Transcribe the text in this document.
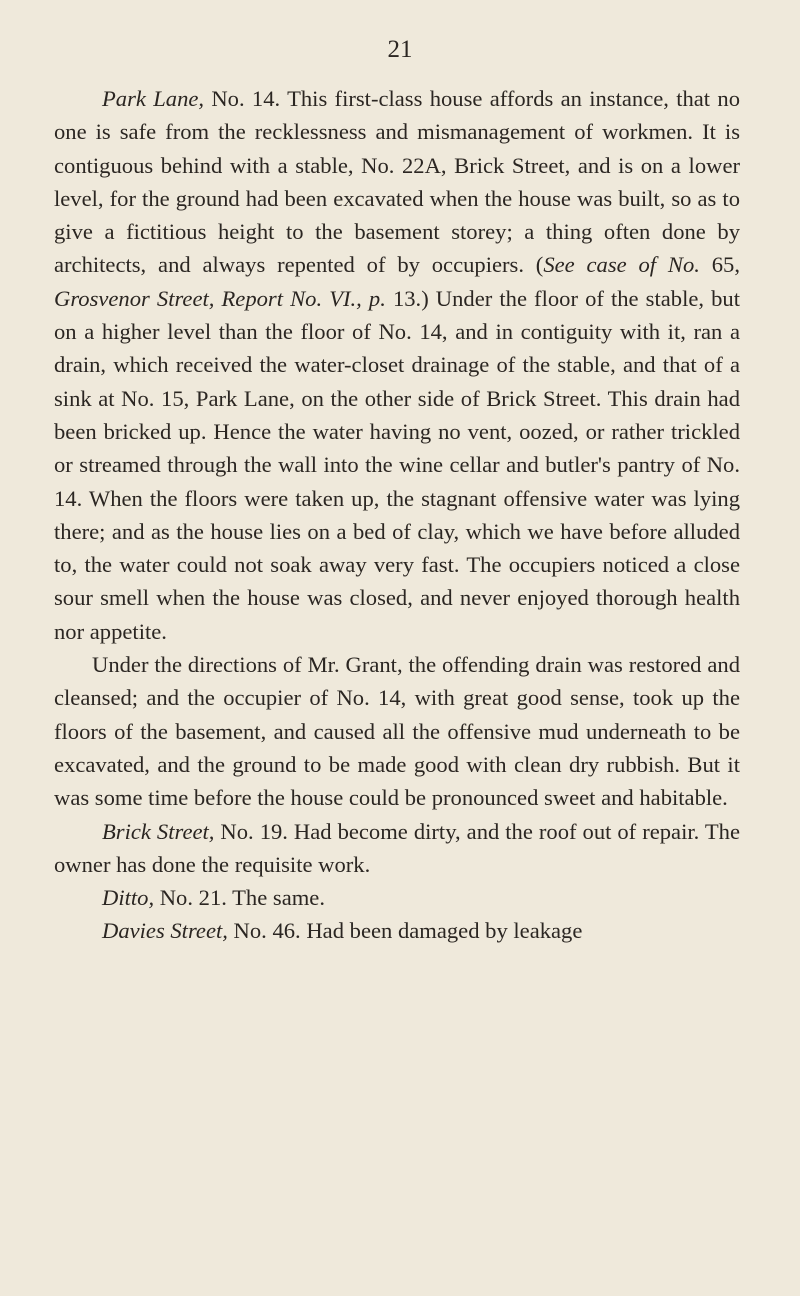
21

Park Lane, No. 14. This first-class house affords an instance, that no one is safe from the recklessness and mismanagement of workmen. It is contiguous behind with a stable, No. 22A, Brick Street, and is on a lower level, for the ground had been excavated when the house was built, so as to give a fictitious height to the basement storey; a thing often done by architects, and always repented of by occupiers. (See case of No. 65, Grosvenor Street, Report No. VI., p. 13.) Under the floor of the stable, but on a higher level than the floor of No. 14, and in contiguity with it, ran a drain, which received the water-closet drainage of the stable, and that of a sink at No. 15, Park Lane, on the other side of Brick Street. This drain had been bricked up. Hence the water having no vent, oozed, or rather trickled or streamed through the wall into the wine cellar and butler's pantry of No. 14. When the floors were taken up, the stagnant offensive water was lying there; and as the house lies on a bed of clay, which we have before alluded to, the water could not soak away very fast. The occupiers noticed a close sour smell when the house was closed, and never enjoyed thorough health nor appetite.

Under the directions of Mr. Grant, the offending drain was restored and cleansed; and the occupier of No. 14, with great good sense, took up the floors of the basement, and caused all the offensive mud underneath to be excavated, and the ground to be made good with clean dry rubbish. But it was some time before the house could be pronounced sweet and habitable.

Brick Street, No. 19. Had become dirty, and the roof out of repair. The owner has done the requisite work.

Ditto, No. 21. The same.

Davies Street, No. 46. Had been damaged by leakage
